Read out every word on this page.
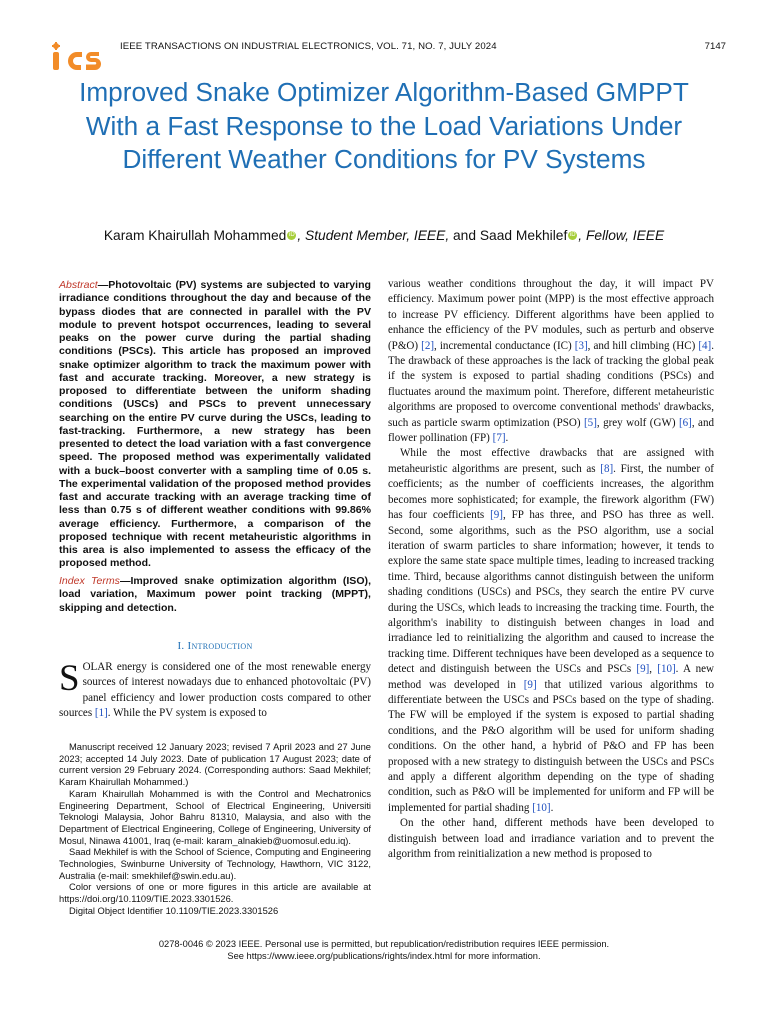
IEEE TRANSACTIONS ON INDUSTRIAL ELECTRONICS, VOL. 71, NO. 7, JULY 2024	7147
Improved Snake Optimizer Algorithm-Based GMPPT With a Fast Response to the Load Variations Under Different Weather Conditions for PV Systems
Karam Khairullah Mohammed iD , Student Member, IEEE, and Saad Mekhilef iD , Fellow, IEEE
Abstract—Photovoltaic (PV) systems are subjected to varying irradiance conditions throughout the day and because of the bypass diodes that are connected in parallel with the PV module to prevent hotspot occurrences, leading to several peaks on the power curve during the partial shading conditions (PSCs). This article has proposed an improved snake optimizer algorithm to track the maximum power with fast and accurate tracking. Moreover, a new strategy is proposed to differentiate between the uniform shading conditions (USCs) and PSCs to prevent unnecessary searching on the entire PV curve during the USCs, leading to fast-tracking. Furthermore, a new strategy has been presented to detect the load variation with a fast convergence speed. The proposed method was experimentally validated with a buck–boost converter with a sampling time of 0.05 s. The experimental validation of the proposed method provides fast and accurate tracking with an average tracking time of less than 0.75 s of different weather conditions with 99.86% average efficiency. Furthermore, a comparison of the proposed technique with recent metaheuristic algorithms in this area is also implemented to assess the efficacy of the proposed method.
Index Terms—Improved snake optimization algorithm (ISO), load variation, Maximum power point tracking (MPPT), skipping and detection.
I. Introduction
SOLAR energy is considered one of the most renewable energy sources of interest nowadays due to enhanced photovoltaic (PV) panel efficiency and lower production costs compared to other sources [1]. While the PV system is exposed to

Manuscript received 12 January 2023; revised 7 April 2023 and 27 June 2023; accepted 14 July 2023. Date of publication 17 August 2023; date of current version 29 February 2024. (Corresponding authors: Saad Mekhilef; Karam Khairullah Mohammed.)

Karam Khairullah Mohammed is with the Control and Mechatronics Engineering Department, School of Electrical Engineering, Universiti Teknologi Malaysia, Johor Bahru 81310, Malaysia, and also with the Department of Electrical Engineering, College of Engineering, University of Mosul, Ninawa 41001, Iraq (e-mail: karam_alnakieb@uomosul.edu.iq).

Saad Mekhilef is with the School of Science, Computing and Engineering Technologies, Swinburne University of Technology, Hawthorn, VIC 3122, Australia (e-mail: smekhilef@swin.edu.au).

Color versions of one or more figures in this article are available at https://doi.org/10.1109/TIE.2023.3301526.

Digital Object Identifier 10.1109/TIE.2023.3301526

various weather conditions throughout the day, it will impact PV efficiency. Maximum power point (MPP) is the most effective approach to increase PV efficiency. Different algorithms have been applied to enhance the efficiency of the PV modules, such as perturb and observe (P&O) [2], incremental conductance (IC) [3], and hill climbing (HC) [4]. The drawback of these approaches is the lack of tracking the global peak if the system is exposed to partial shading conditions (PSCs) and fluctuates around the maximum point. Therefore, different metaheuristic algorithms are proposed to overcome conventional methods' drawbacks, such as particle swarm optimization (PSO) [5], grey wolf (GW) [6], and flower pollination (FP) [7].

While the most effective drawbacks that are assigned with metaheuristic algorithms are present, such as [8]. First, the number of coefficients; as the number of coefficients increases, the algorithm becomes more sophisticated; for example, the firework algorithm (FW) has four coefficients [9], FP has three, and PSO has three as well. Second, some algorithms, such as the PSO algorithm, use a social iteration of swarm particles to share information; however, it tends to explore the same state space multiple times, leading to increased tracking time. Third, because algorithms cannot distinguish between the uniform shading conditions (USCs) and PSCs, they search the entire PV curve during the USCs, which leads to increasing the tracking time. Fourth, the algorithm's inability to distinguish between changes in load and irradiance led to reinitializing the algorithm and caused to increase the tracking time. Different techniques have been developed as a sequence to detect and distinguish between the USCs and PSCs [9], [10]. A new method was developed in [9] that utilized various algorithms to differentiate between the USCs and PSCs based on the type of shading. The FW will be employed if the system is exposed to partial shading conditions, and the P&O algorithm will be used for uniform shading conditions. On the other hand, a hybrid of P&O and FP has been proposed with a new strategy to distinguish between the USCs and PSCs and apply a different algorithm depending on the type of shading condition, such as P&O will be implemented for uniform and FP will be implemented for partial shading [10].

On the other hand, different methods have been developed to distinguish between load and irradiance variation and to prevent the algorithm from reinitialization a new method is proposed to

0278-0046 © 2023 IEEE. Personal use is permitted, but republication/redistribution requires IEEE permission.
See https://www.ieee.org/publications/rights/index.html for more information.
